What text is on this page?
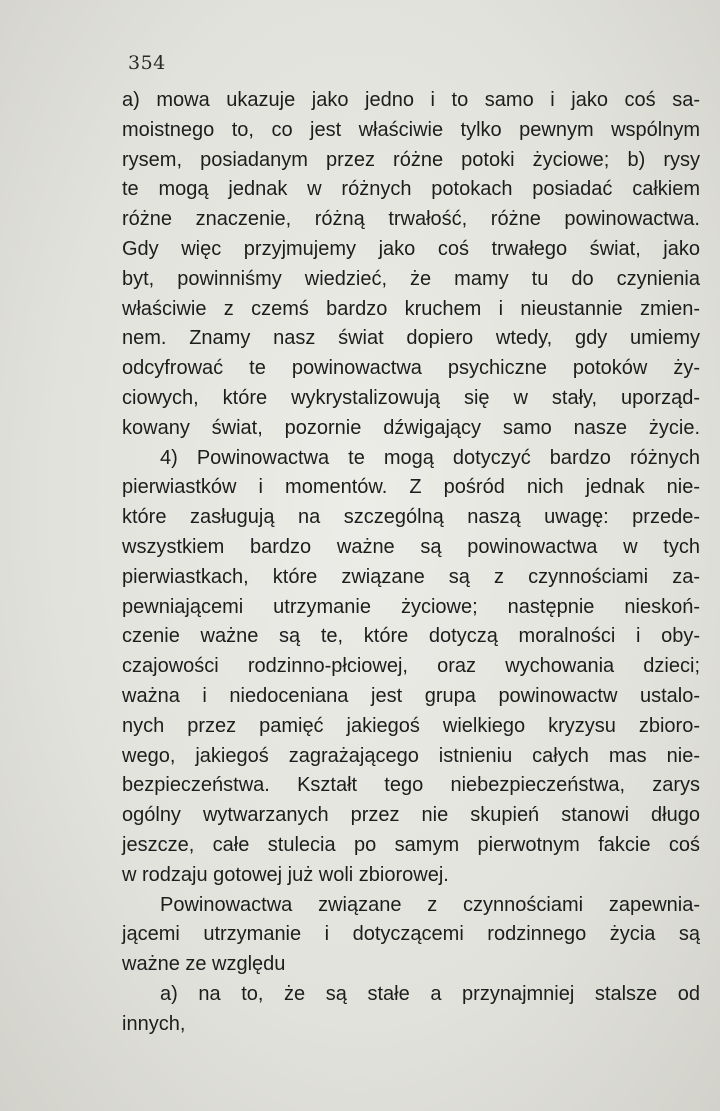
354
a) mowa ukazuje jako jedno i to samo i jako coś sa-
moistnego to, co jest właściwie tylko pewnym wspólnym
rysem, posiadanym przez różne potoki życiowe; b) rysy
te mogą jednak w różnych potokach posiadać całkiem
różne znaczenie, różną trwałość, różne powinowactwa.
Gdy więc przyjmujemy jako coś trwałego świat, jako
byt, powinniśmy wiedzieć, że mamy tu do czynienia
właściwie z czemś bardzo kruchem i nieustannie zmien-
nem. Znamy nasz świat dopiero wtedy, gdy umiemy
odcyfrować te powinowactwa psychiczne potoków ży-
ciowych, które wykrystalizowują się w stały, uporząd-
kowany świat, pozornie dźwigający samo nasze życie.
4) Powinowactwa te mogą dotyczyć bardzo różnych
pierwiastków i momentów. Z pośród nich jednak nie-
które zasługują na szczególną naszą uwagę: przede-
wszystkiem bardzo ważne są powinowactwa w tych
pierwiastkach, które związane są z czynnościami za-
pewniającemi utrzymanie życiowe; następnie nieskoń-
czenie ważne są te, które dotyczą moralności i oby-
czajowości rodzinno-płciowej, oraz wychowania dzieci;
ważna i niedoceniana jest grupa powinowactw ustalo-
nych przez pamięć jakiegoś wielkiego kryzysu zbioro-
wego, jakiegoś zagrażającego istnieniu całych mas nie-
bezpieczeństwa. Kształt tego niebezpieczeństwa, zarys
ogólny wytwarzanych przez nie skupień stanowi długo
jeszcze, całe stulecia po samym pierwotnym fakcie coś
w rodzaju gotowej już woli zbiorowej.
Powinowactwa związane z czynnościami zapewnia-
jącemi utrzymanie i dotyczącemi rodzinnego życia są
ważne ze względu
a) na to, że są stałe a przynajmniej stalsze od
innych,
